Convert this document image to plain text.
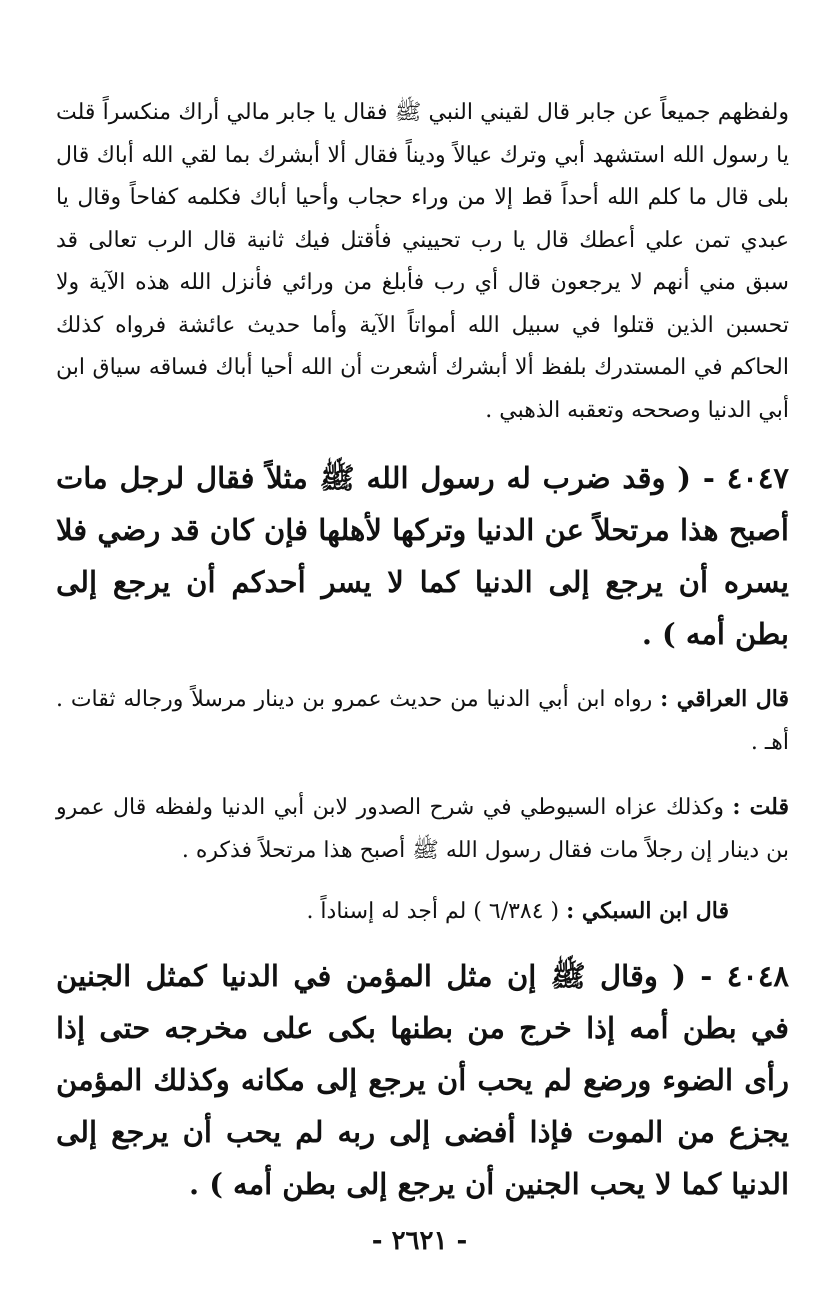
ولفظهم جميعاً عن جابر قال لقيني النبي ﷺ فقال يا جابر مالي أراك منكسراً قلت يا رسول الله استشهد أبي وترك عيالاً وديناً فقال ألا أبشرك بما لقي الله أباك قال بلى قال ما كلم الله أحداً قط إلا من وراء حجاب وأحيا أباك فكلمه كفاحاً وقال يا عبدي تمن علي أعطك قال يا رب تحييني فأقتل فيك ثانية قال الرب تعالى قد سبق مني أنهم لا يرجعون قال أي رب فأبلغ من ورائي فأنزل الله هذه الآية ولا تحسبن الذين قتلوا في سبيل الله أمواتاً الآية وأما حديث عائشة فرواه كذلك الحاكم في المستدرك بلفظ ألا أبشرك أشعرت أن الله أحيا أباك فساقه سياق ابن أبي الدنيا وصححه وتعقبه الذهبي .

٤٠٤٧ - ( وقد ضرب له رسول الله ﷺ مثلاً فقال لرجل مات أصبح هذا مرتحلاً عن الدنيا وتركها لأهلها فإن كان قد رضي فلا يسره أن يرجع إلى الدنيا كما لا يسر أحدكم أن يرجع إلى بطن أمه ) .

قال العراقي : رواه ابن أبي الدنيا من حديث عمرو بن دينار مرسلاً ورجاله ثقات . أهـ .

قلت : وكذلك عزاه السيوطي في شرح الصدور لابن أبي الدنيا ولفظه قال عمرو بن دينار إن رجلاً مات فقال رسول الله ﷺ أصبح هذا مرتحلاً فذكره .

قال ابن السبكي : ( ٦/٣٨٤ ) لم أجد له إسناداً .

٤٠٤٨ - ( وقال ﷺ إن مثل المؤمن في الدنيا كمثل الجنين في بطن أمه إذا خرج من بطنها بكى على مخرجه حتى إذا رأى الضوء ورضع لم يحب أن يرجع إلى مكانه وكذلك المؤمن يجزع من الموت فإذا أفضى إلى ربه لم يحب أن يرجع إلى الدنيا كما لا يحب الجنين أن يرجع إلى بطن أمه ) .

- ٢٦٢١ -
